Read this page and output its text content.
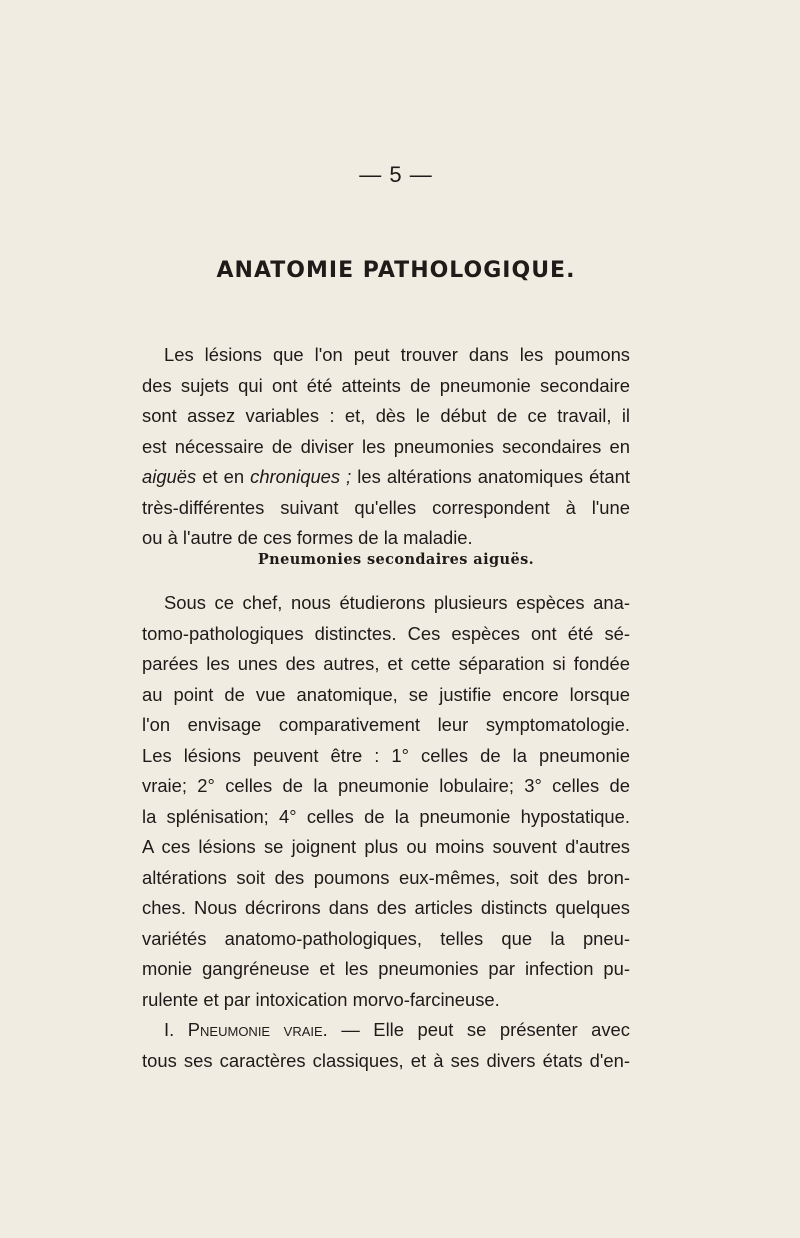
— 5 —
ANATOMIE PATHOLOGIQUE.
Les lésions que l'on peut trouver dans les poumons
des sujets qui ont été atteints de pneumonie secondaire
sont assez variables : et, dès le début de ce travail, il
est nécessaire de diviser les pneumonies secondaires en
aiguës et en chroniques ; les altérations anatomiques étant
très-différentes suivant qu'elles correspondent à l'une
ou à l'autre de ces formes de la maladie.
Pneumonies secondaires aiguës.
Sous ce chef, nous étudierons plusieurs espèces ana-
tomo-pathologiques distinctes. Ces espèces ont été sé-
parées les unes des autres, et cette séparation si fondée
au point de vue anatomique, se justifie encore lorsque
l'on envisage comparativement leur symptomatologie.
Les lésions peuvent être : 1° celles de la pneumonie
vraie; 2° celles de la pneumonie lobulaire; 3° celles de
la splénisation; 4° celles de la pneumonie hypostatique.
A ces lésions se joignent plus ou moins souvent d'autres
altérations soit des poumons eux-mêmes, soit des bron-
ches. Nous décrirons dans des articles distincts quelques
variétés anatomo-pathologiques, telles que la pneu-
monie gangréneuse et les pneumonies par infection pu-
rulente et par intoxication morvo-farcineuse.
I. Pneumonie vraie. — Elle peut se présenter avec
tous ses caractères classiques, et à ses divers états d'en-
